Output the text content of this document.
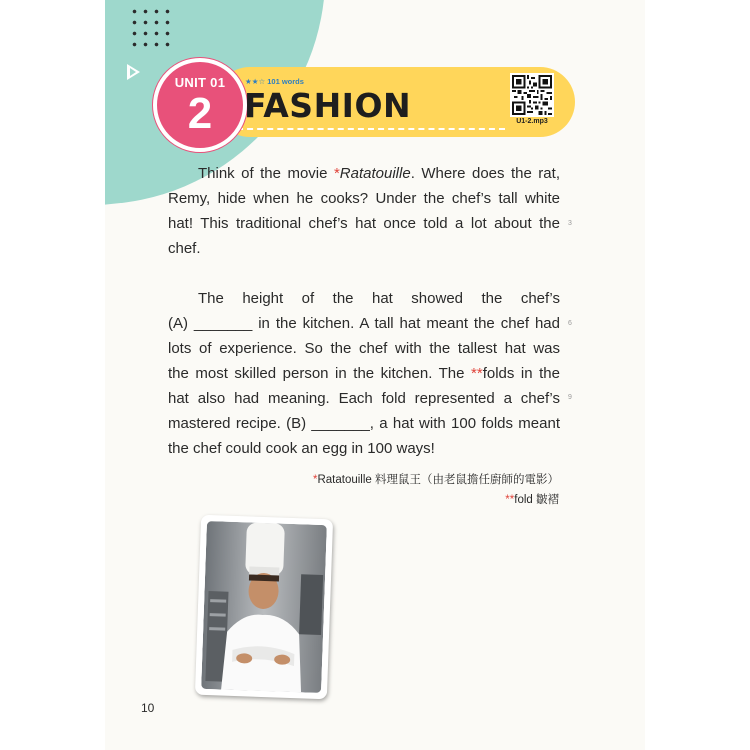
UNIT 01
2
★★☆ 101 words
FASHION	U1-2.mp3
Think of the movie *Ratatouille. Where does the rat,
Remy, hide when he cooks? Under the chef’s tall white
hat! This traditional chef’s hat once told a lot about the
chef.
The height of the hat showed the chef’s
(A) _______ in the kitchen. A tall hat meant the chef had
lots of experience. So the chef with the tallest hat was
the most skilled person in the kitchen. The **folds in the
hat also had meaning. Each fold represented a chef’s
mastered recipe. (B) _______, a hat with 100 folds meant
the chef could cook an egg in 100 ways!
3
6
9
*Ratatouille 料理鼠王（由老鼠擔任廚師的電影）
**fold 皺褶
10
